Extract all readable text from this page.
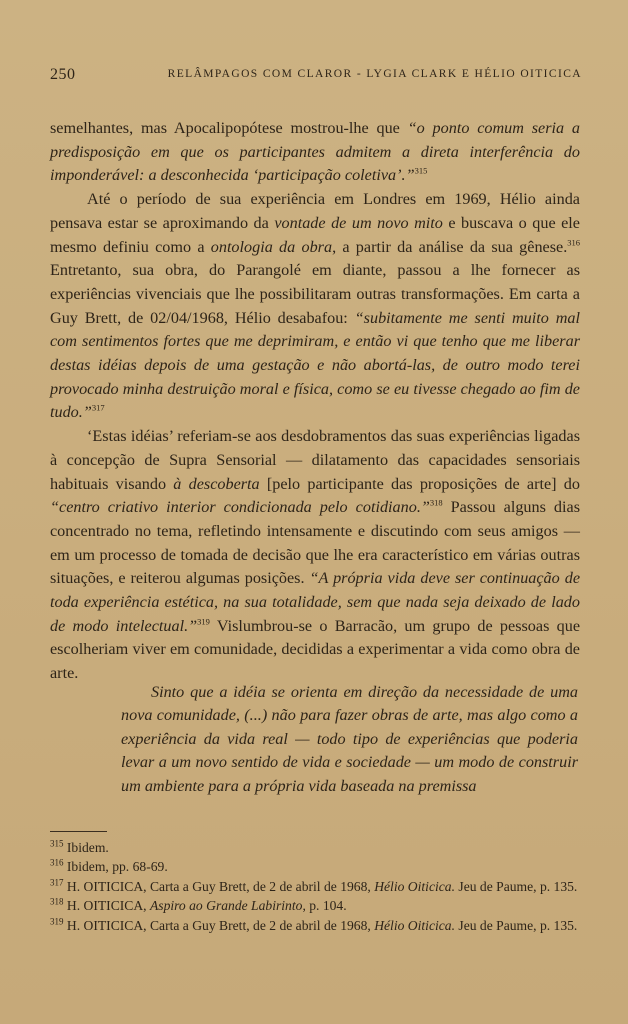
250	RELÂMPAGOS COM CLAROR - LYGIA CLARK E HÉLIO OITICICA

semelhantes, mas Apocalipopótese mostrou-lhe que “o ponto comum seria a predisposição em que os participantes admitem a direta interferência do imponderável: a desconhecida ‘participação coletiva’.”$^{315}$

Até o período de sua experiência em Londres em 1969, Hélio ainda pensava estar se aproximando da vontade de um novo mito e buscava o que ele mesmo definiu como a ontologia da obra, a partir da análise da sua gênese.$^{316}$ Entretanto, sua obra, do Parangolé em diante, passou a lhe fornecer as experiências vivenciais que lhe possibilitaram outras transformações. Em carta a Guy Brett, de 02/04/1968, Hélio desabafou: “subitamente me senti muito mal com sentimentos fortes que me deprimiram, e então vi que tenho que me liberar destas idéias depois de uma gestação e não abortá-las, de outro modo terei provocado minha destruição moral e física, como se eu tivesse chegado ao fim de tudo.”$^{317}$

‘Estas idéias’ referiam-se aos desdobramentos das suas experiências ligadas à concepção de Supra Sensorial — dilatamento das capacidades sensoriais habituais visando à descoberta [pelo participante das proposições de arte] do “centro criativo interior condicionada pelo cotidiano.”$^{318}$ Passou alguns dias concentrado no tema, refletindo intensamente e discutindo com seus amigos — em um processo de tomada de decisão que lhe era característico em várias outras situações, e reiterou algumas posições. “A própria vida deve ser continuação de toda experiência estética, na sua totalidade, sem que nada seja deixado de lado de modo intelectual.”$^{319}$ Vislumbrou-se o Barracão, um grupo de pessoas que escolheriam viver em comunidade, decididas a experimentar a vida como obra de arte.

Sinto que a idéia se orienta em direção da necessidade de uma nova comunidade, (...) não para fazer obras de arte, mas algo como a experiência da vida real — todo tipo de experiências que poderia levar a um novo sentido de vida e sociedade — um modo de construir um ambiente para a própria vida baseada na premissa

$^{315}$ Ibidem.

$^{316}$ Ibidem, pp. 68-69.

$^{317}$ H. OITICICA, Carta a Guy Brett, de 2 de abril de 1968, Hélio Oiticica. Jeu de Paume, p. 135.

$^{318}$ H. OITICICA, Aspiro ao Grande Labirinto, p. 104.

$^{319}$ H. OITICICA, Carta a Guy Brett, de 2 de abril de 1968, Hélio Oiticica. Jeu de Paume, p. 135.
